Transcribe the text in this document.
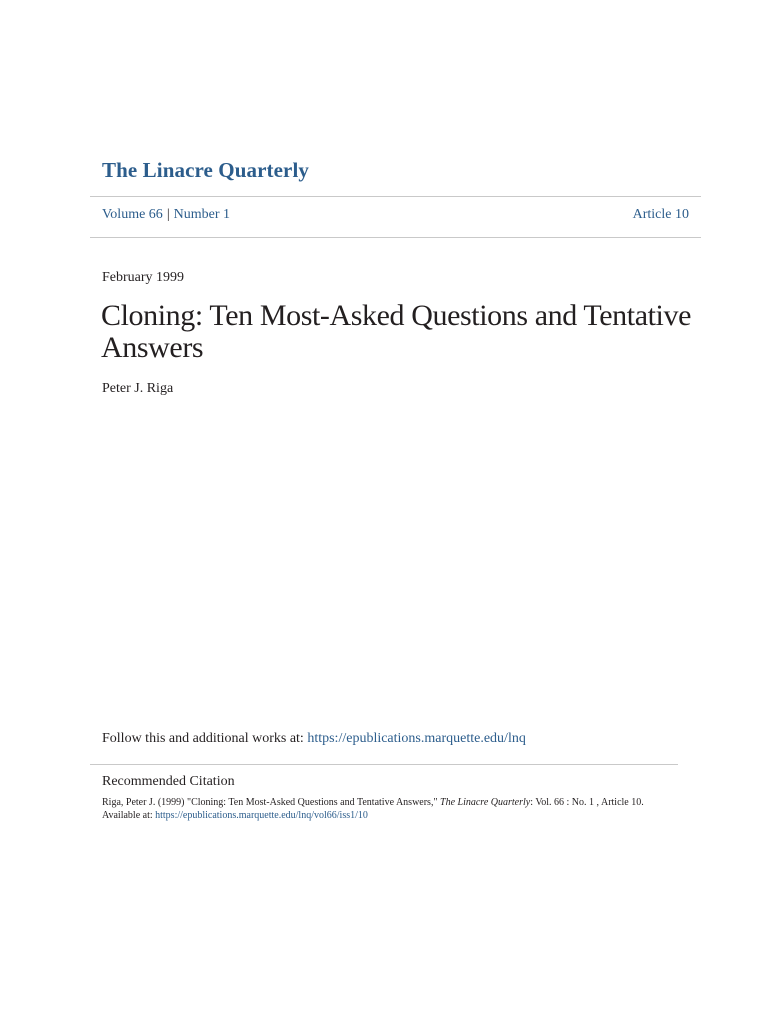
The Linacre Quarterly
Volume 66 | Number 1	Article 10
February 1999
Cloning: Ten Most-Asked Questions and Tentative Answers
Peter J. Riga
Follow this and additional works at: https://epublications.marquette.edu/lnq
Recommended Citation
Riga, Peter J. (1999) "Cloning: Ten Most-Asked Questions and Tentative Answers," The Linacre Quarterly: Vol. 66 : No. 1 , Article 10.
Available at: https://epublications.marquette.edu/lnq/vol66/iss1/10
